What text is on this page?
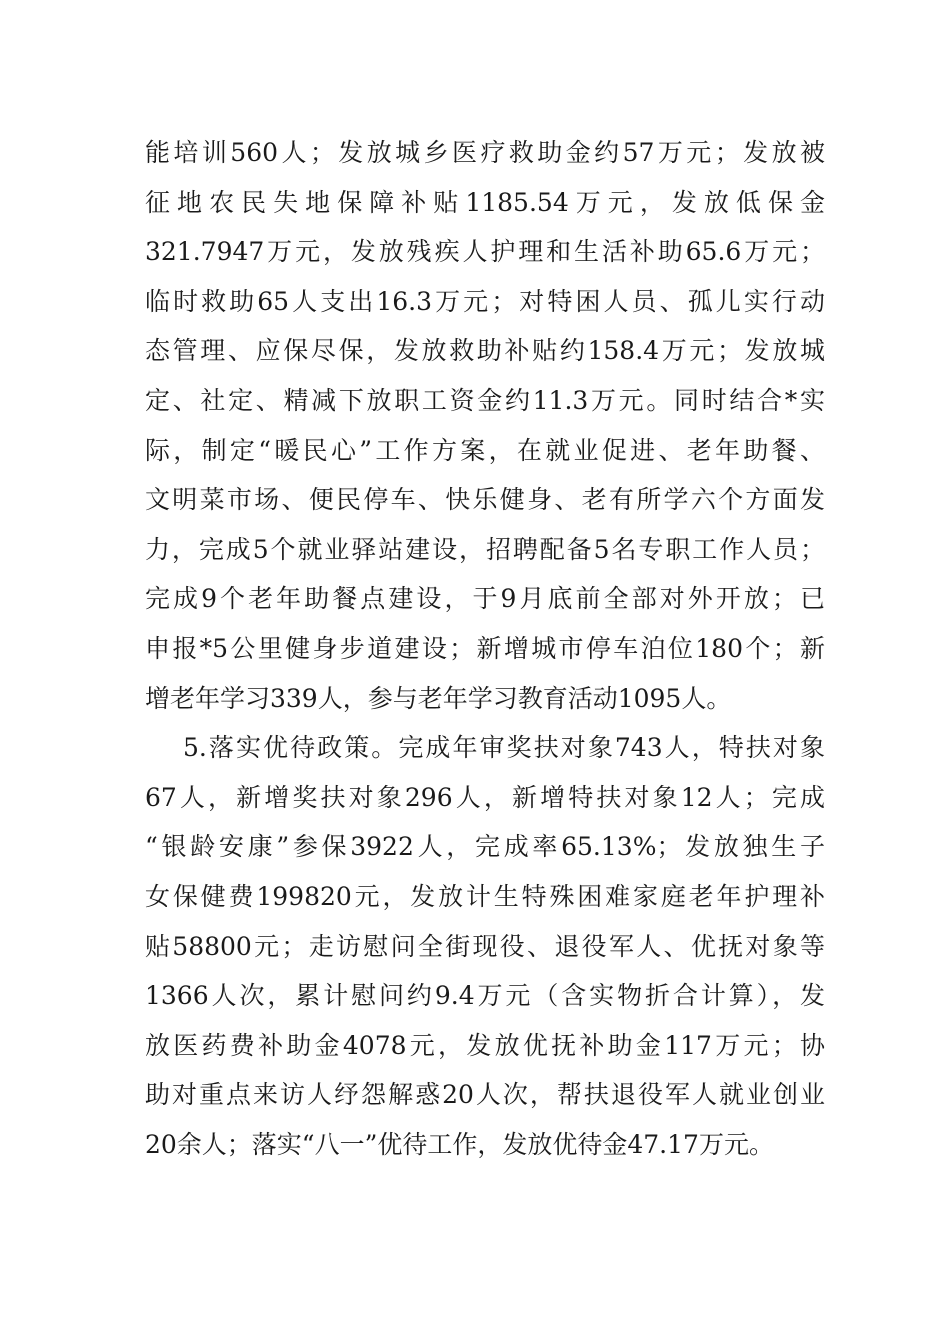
能培训560人；发放城乡医疗救助金约57万元；发放被
征地农民失地保障补贴1185.54万元，发放低保金
321.7947万元，发放残疾人护理和生活补助65.6万元；
临时救助65人支出16.3万元；对特困人员、孤儿实行动
态管理、应保尽保，发放救助补贴约158.4万元；发放城
定、社定、精减下放职工资金约11.3万元。同时结合*实
际，制定“暖民心”工作方案，在就业促进、老年助餐、
文明菜市场、便民停车、快乐健身、老有所学六个方面发
力，完成5个就业驿站建设，招聘配备5名专职工作人员；
完成9个老年助餐点建设，于9月底前全部对外开放；已
申报*5公里健身步道建设；新增城市停车泊位180个；新
增老年学习339人，参与老年学习教育活动1095人。
5.落实优待政策。完成年审奖扶对象743人，特扶对象
67人，新增奖扶对象296人，新增特扶对象12人；完成
“银龄安康”参保3922人，完成率65.13%；发放独生子
女保健费199820元，发放计生特殊困难家庭老年护理补
贴58800元；走访慰问全街现役、退役军人、优抚对象等
1366人次，累计慰问约9.4万元（含实物折合计算），发
放医药费补助金4078元，发放优抚补助金117万元；协
助对重点来访人纾怨解惑20人次，帮扶退役军人就业创业
20余人；落实“八一”优待工作，发放优待金47.17万元。
